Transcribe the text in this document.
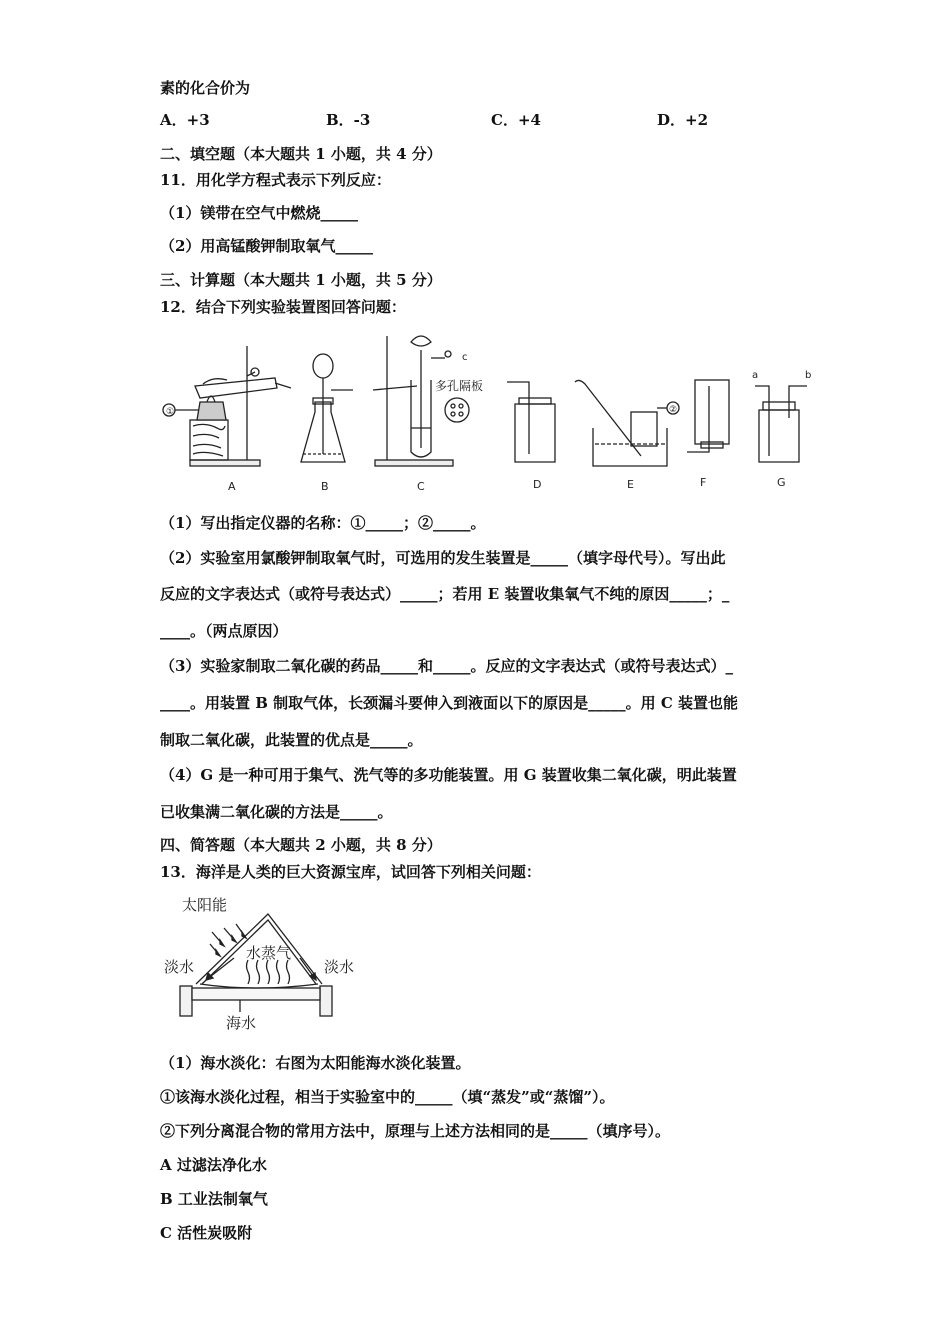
素的化合价为
A．+3	B．-3	C．+4	D．+2
二、填空题（本大题共 1 小题，共 4 分）
11．用化学方程式表示下列反应：
（1）镁带在空气中燃烧_____
（2）用高锰酸钾制取氧气_____
三、计算题（本大题共 1 小题，共 5 分）
12．结合下列实验装置图回答问题：
①
c
多孔隔板
②
a	b
A	B	C	D	E	F	G
（1）写出指定仪器的名称：①_____；②_____。
（2）实验室用氯酸钾制取氧气时，可选用的发生装置是_____（填字母代号）。写出此
反应的文字表达式（或符号表达式）_____；若用 E 装置收集氧气不纯的原因_____；_
____。（两点原因）
（3）实验家制取二氧化碳的药品_____和_____。反应的文字表达式（或符号表达式）_
____。用装置 B 制取气体，长颈漏斗要伸入到液面以下的原因是_____。用 C 装置也能
制取二氧化碳，此装置的优点是_____。
（4）G 是一种可用于集气、洗气等的多功能装置。用 G 装置收集二氧化碳，明此装置
已收集满二氧化碳的方法是_____。
四、简答题（本大题共 2 小题，共 8 分）
13．海洋是人类的巨大资源宝库，试回答下列相关问题：
太阳能
水蒸气
淡水	淡水
海水
（1）海水淡化：右图为太阳能海水淡化装置。
①该海水淡化过程，相当于实验室中的_____（填“蒸发”或“蒸馏”）。
②下列分离混合物的常用方法中，原理与上述方法相同的是_____（填序号）。
A 过滤法净化水
B 工业法制氧气
C 活性炭吸附
